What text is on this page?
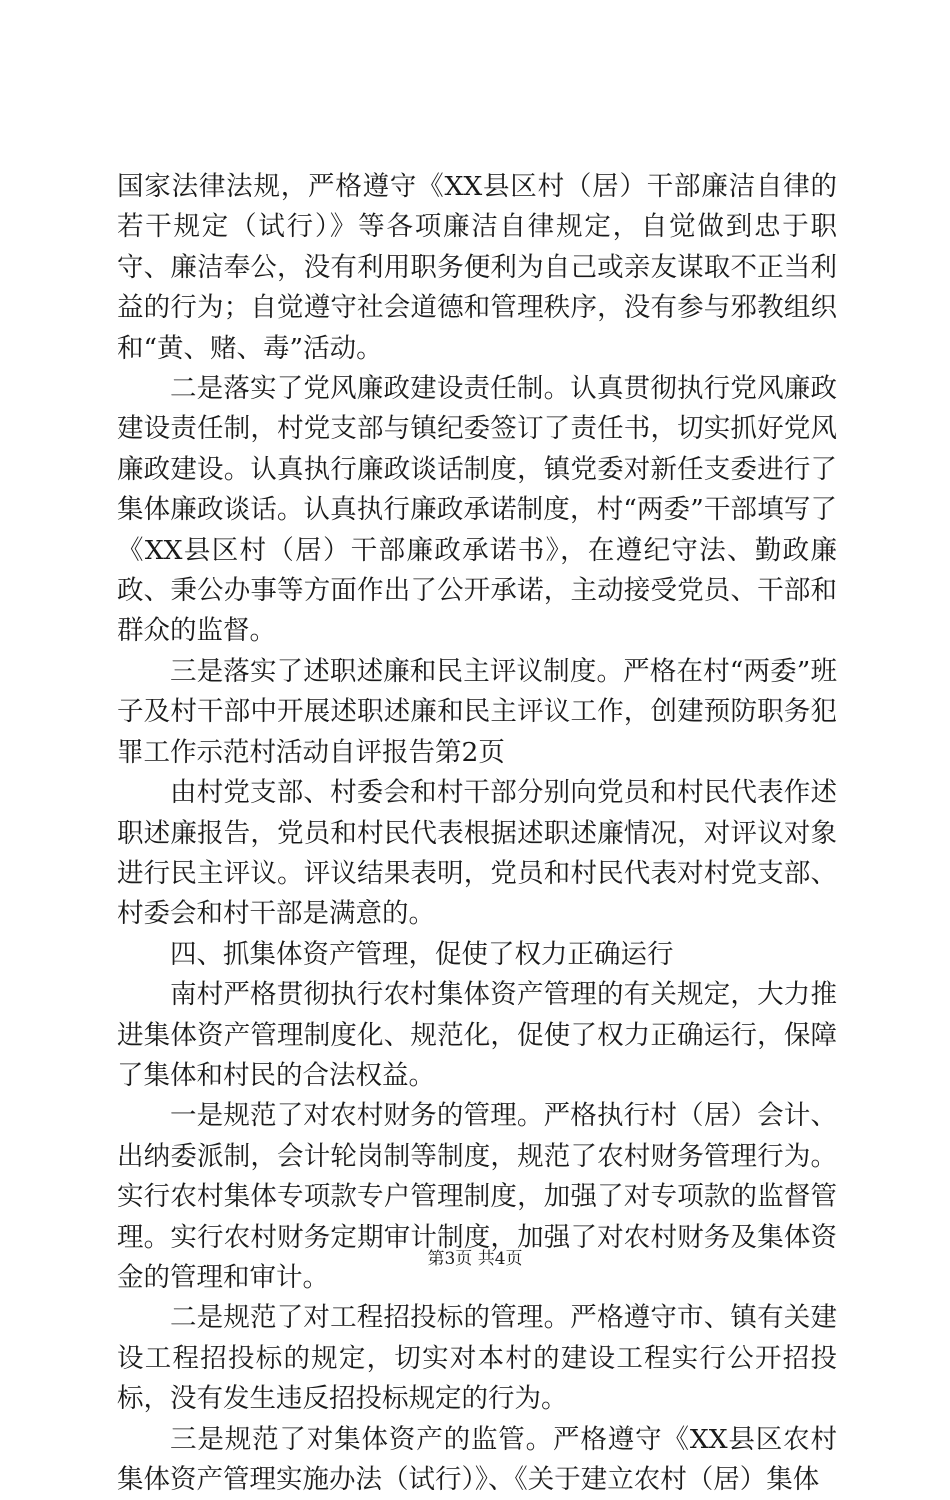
国家法律法规，严格遵守《XX县区村（居）干部廉洁自律的若干规定（试行）》等各项廉洁自律规定，自觉做到忠于职守、廉洁奉公，没有利用职务便利为自己或亲友谋取不正当利益的行为；自觉遵守社会道德和管理秩序，没有参与邪教组织和“黄、赌、毒”活动。

二是落实了党风廉政建设责任制。认真贯彻执行党风廉政建设责任制，村党支部与镇纪委签订了责任书，切实抓好党风廉政建设。认真执行廉政谈话制度，镇党委对新任支委进行了集体廉政谈话。认真执行廉政承诺制度，村“两委”干部填写了《XX县区村（居）干部廉政承诺书》，在遵纪守法、勤政廉政、秉公办事等方面作出了公开承诺，主动接受党员、干部和群众的监督。

三是落实了述职述廉和民主评议制度。严格在村“两委”班子及村干部中开展述职述廉和民主评议工作，创建预防职务犯罪工作示范村活动自评报告第2页

由村党支部、村委会和村干部分别向党员和村民代表作述职述廉报告，党员和村民代表根据述职述廉情况，对评议对象进行民主评议。评议结果表明，党员和村民代表对村党支部、村委会和村干部是满意的。

四、抓集体资产管理，促使了权力正确运行

南村严格贯彻执行农村集体资产管理的有关规定，大力推进集体资产管理制度化、规范化，促使了权力正确运行，保障了集体和村民的合法权益。

一是规范了对农村财务的管理。严格执行村（居）会计、出纳委派制，会计轮岗制等制度，规范了农村财务管理行为。实行农村集体专项款专户管理制度，加强了对专项款的监督管理。实行农村财务定期审计制度，加强了对农村财务及集体资金的管理和审计。

二是规范了对工程招投标的管理。严格遵守市、镇有关建设工程招投标的规定，切实对本村的建设工程实行公开招投标，没有发生违反招投标规定的行为。

三是规范了对集体资产的监管。严格遵守《XX县区农村集体资产管理实施办法（试行）》、《关于建立农村（居）集体

第3页 共4页
